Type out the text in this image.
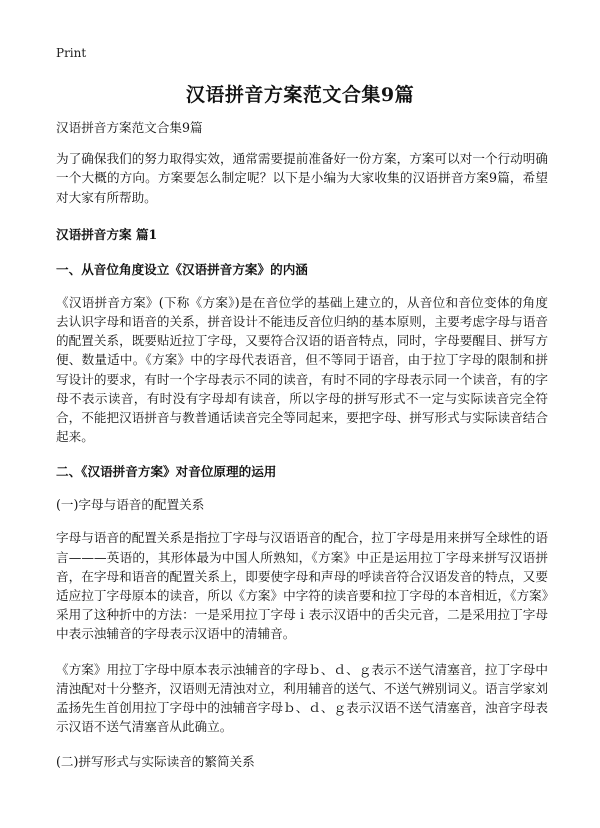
Print
汉语拼音方案范文合集9篇

汉语拼音方案范文合集9篇

为了确保我们的努力取得实效，通常需要提前准备好一份方案，方案可以对一个行动明确一个大概的方向。方案要怎么制定呢？以下是小编为大家收集的汉语拼音方案9篇，希望对大家有所帮助。

汉语拼音方案 篇1

一、从音位角度设立《汉语拼音方案》的内涵

《汉语拼音方案》(下称《方案》)是在音位学的基础上建立的，从音位和音位变体的角度去认识字母和语音的关系，拼音设计不能违反音位归纳的基本原则，主要考虑字母与语音的配置关系，既要贴近拉丁字母，又要符合汉语的语音特点，同时，字母要醒目、拼写方便、数量适中。《方案》中的字母代表语音，但不等同于语音，由于拉丁字母的限制和拼写设计的要求，有时一个字母表示不同的读音，有时不同的字母表示同一个读音，有的字母不表示读音，有时没有字母却有读音，所以字母的拼写形式不一定与实际读音完全符合，不能把汉语拼音与教普通话读音完全等同起来，要把字母、拼写形式与实际读音结合起来。

二、《汉语拼音方案》对音位原理的运用

(一)字母与语音的配置关系

字母与语音的配置关系是指拉丁字母与汉语语音的配合，拉丁字母是用来拼写全球性的语言———英语的，其形体最为中国人所熟知，《方案》中正是运用拉丁字母来拼写汉语拼音，在字母和语音的配置关系上，即要使字母和声母的呼读音符合汉语发音的特点，又要适应拉丁字母原本的读音，所以《方案》中字符的读音要和拉丁字母的本音相近，《方案》采用了这种折中的方法：一是采用拉丁字母ｉ表示汉语中的舌尖元音，二是采用拉丁字母中表示浊辅音的字母表示汉语中的清辅音。

《方案》用拉丁字母中原本表示浊辅音的字母ｂ、ｄ、ｇ表示不送气清塞音，拉丁字母中清浊配对十分整齐，汉语则无清浊对立，利用辅音的送气、不送气辨别词义。语言学家刘孟扬先生首创用拉丁字母中的浊辅音字母ｂ、ｄ、ｇ表示汉语不送气清塞音，浊音字母表示汉语不送气清塞音从此确立。

(二)拼写形式与实际读音的繁简关系
